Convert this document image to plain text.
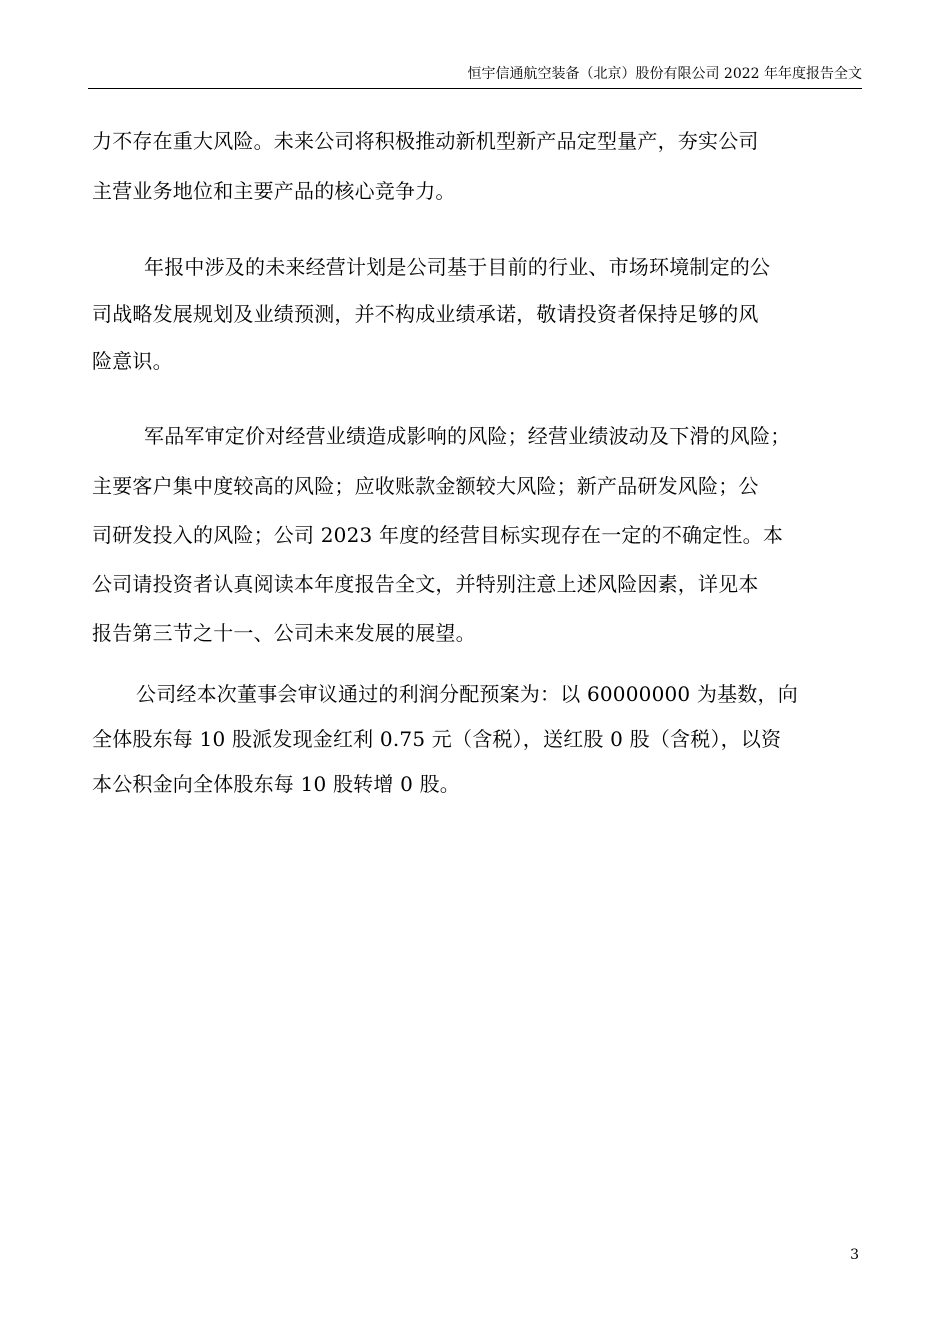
恒宇信通航空装备（北京）股份有限公司 2022 年年度报告全文
力不存在重大风险。未来公司将积极推动新机型新产品定型量产，夯实公司
主营业务地位和主要产品的核心竞争力。
年报中涉及的未来经营计划是公司基于目前的行业、市场环境制定的公
司战略发展规划及业绩预测，并不构成业绩承诺，敬请投资者保持足够的风
险意识。
军品军审定价对经营业绩造成影响的风险；经营业绩波动及下滑的风险；
主要客户集中度较高的风险；应收账款金额较大风险；新产品研发风险；公
司研发投入的风险；公司 2023 年度的经营目标实现存在一定的不确定性。本
公司请投资者认真阅读本年度报告全文，并特别注意上述风险因素，详见本
报告第三节之十一、公司未来发展的展望。
公司经本次董事会审议通过的利润分配预案为：以 60000000 为基数，向
全体股东每 10 股派发现金红利 0.75 元（含税），送红股 0 股（含税），以资
本公积金向全体股东每 10 股转增 0 股。
3
